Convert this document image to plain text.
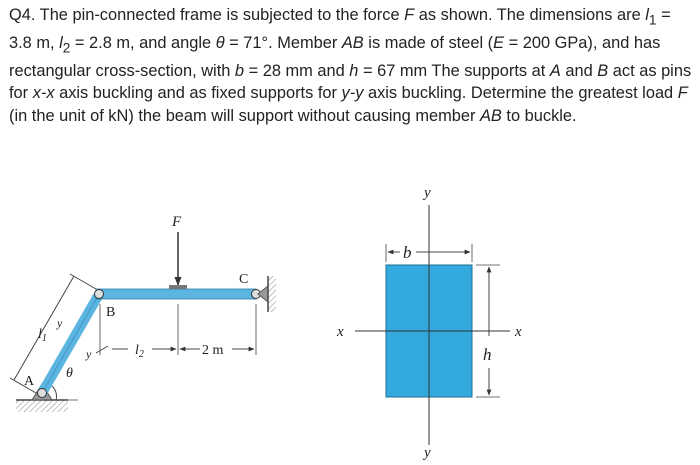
Q4. The pin-connected frame is subjected to the force F as shown. The dimensions are $l_1 = 3.8$ m, $l_2 = 2.8$ m, and angle θ = 71°. Member AB is made of steel (E = 200 GPa), and has rectangular cross-section, with b = 28 mm and h = 67 mm The supports at A and B act as pins for x-x axis buckling and as fixed supports for y-y axis buckling. Determine the greatest load F (in the unit of kN) the beam will support without causing member AB to buckle.

F
B
C
A
$l_1$
y
y
θ
$l_2$	2 m
y
y
x	x
b
h
